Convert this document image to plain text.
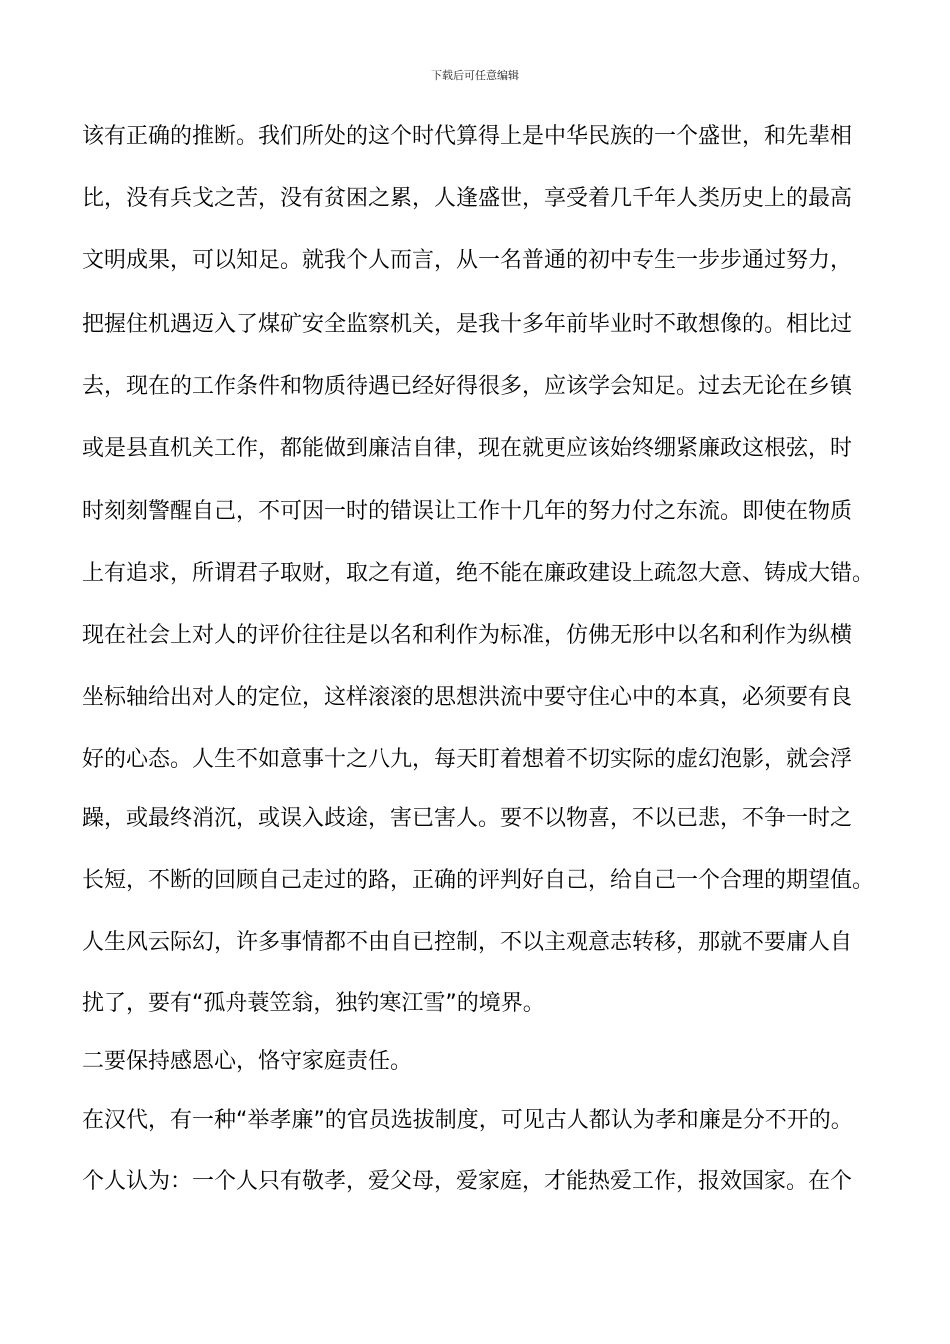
下载后可任意编辑
该有正确的推断。我们所处的这个时代算得上是中华民族的一个盛世，和先辈相
比，没有兵戈之苦，没有贫困之累，人逢盛世，享受着几千年人类历史上的最高
文明成果，可以知足。就我个人而言，从一名普通的初中专生一步步通过努力，
把握住机遇迈入了煤矿安全监察机关，是我十多年前毕业时不敢想像的。相比过
去，现在的工作条件和物质待遇已经好得很多，应该学会知足。过去无论在乡镇
或是县直机关工作，都能做到廉洁自律，现在就更应该始终绷紧廉政这根弦，时
时刻刻警醒自己，不可因一时的错误让工作十几年的努力付之东流。即使在物质
上有追求，所谓君子取财，取之有道，绝不能在廉政建设上疏忽大意、铸成大错。
现在社会上对人的评价往往是以名和利作为标准，仿佛无形中以名和利作为纵横
坐标轴给出对人的定位，这样滚滚的思想洪流中要守住心中的本真，必须要有良
好的心态。人生不如意事十之八九，每天盯着想着不切实际的虚幻泡影，就会浮
躁，或最终消沉，或误入歧途，害已害人。要不以物喜，不以已悲，不争一时之
长短，不断的回顾自己走过的路，正确的评判好自己，给自己一个合理的期望值。
人生风云际幻，许多事情都不由自已控制，不以主观意志转移，那就不要庸人自
扰了，要有“孤舟蓑笠翁，独钓寒江雪”的境界。
二要保持感恩心，恪守家庭责任。
在汉代，有一种“举孝廉”的官员选拔制度，可见古人都认为孝和廉是分不开的。
个人认为：一个人只有敬孝，爱父母，爱家庭，才能热爱工作，报效国家。在个
